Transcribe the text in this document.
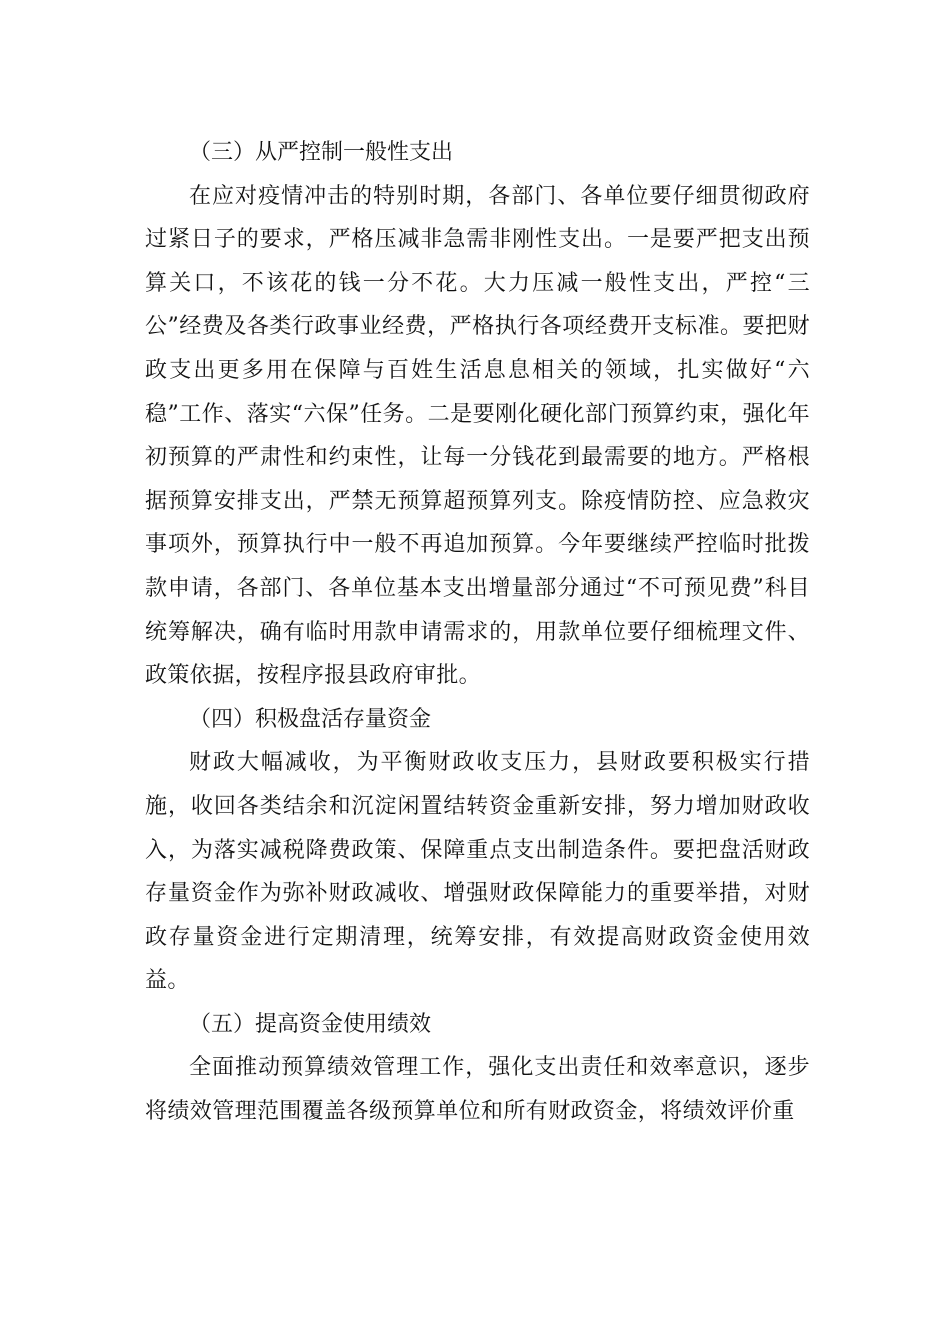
（三）从严控制一般性支出

在应对疫情冲击的特别时期，各部门、各单位要仔细贯彻政府过紧日子的要求，严格压减非急需非刚性支出。一是要严把支出预算关口，不该花的钱一分不花。大力压减一般性支出，严控“三公”经费及各类行政事业经费，严格执行各项经费开支标准。要把财政支出更多用在保障与百姓生活息息相关的领域，扎实做好“六稳”工作、落实“六保”任务。二是要刚化硬化部门预算约束，强化年初预算的严肃性和约束性，让每一分钱花到最需要的地方。严格根据预算安排支出，严禁无预算超预算列支。除疫情防控、应急救灾事项外，预算执行中一般不再追加预算。今年要继续严控临时批拨款申请，各部门、各单位基本支出增量部分通过“不可预见费”科目统筹解决，确有临时用款申请需求的，用款单位要仔细梳理文件、政策依据，按程序报县政府审批。

（四）积极盘活存量资金

财政大幅减收，为平衡财政收支压力，县财政要积极实行措施，收回各类结余和沉淀闲置结转资金重新安排，努力增加财政收入，为落实减税降费政策、保障重点支出制造条件。要把盘活财政存量资金作为弥补财政减收、增强财政保障能力的重要举措，对财政存量资金进行定期清理，统筹安排，有效提高财政资金使用效益。

（五）提高资金使用绩效

全面推动预算绩效管理工作，强化支出责任和效率意识，逐步将绩效管理范围覆盖各级预算单位和所有财政资金，将绩效评价重
